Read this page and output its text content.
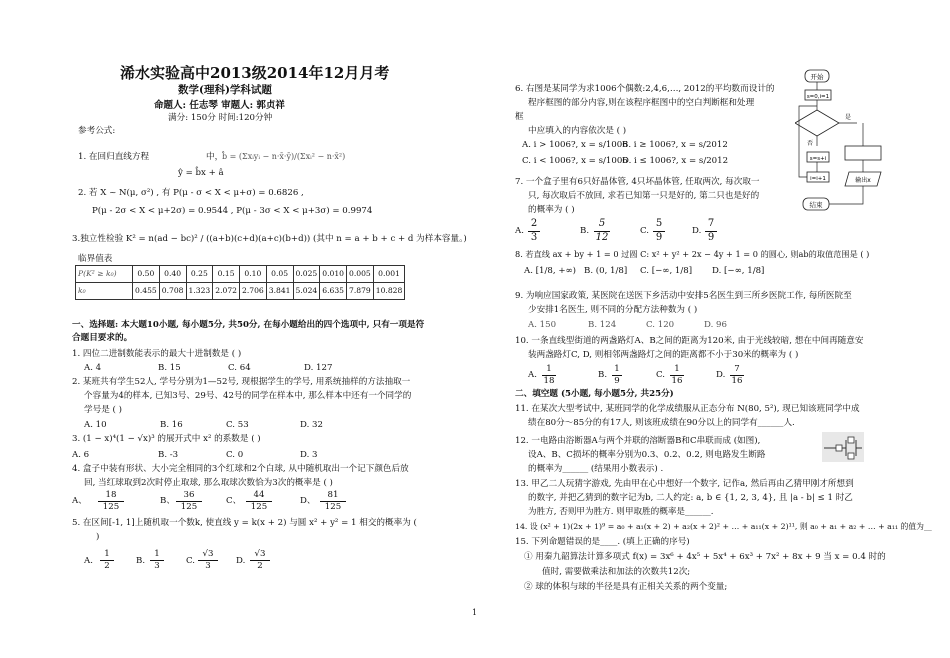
浠水实验高中2013级2014年12月月考
数学(理科)学科试题
命题人: 任志琴 审题人: 郭贞祥
满分: 150分 时间:120分钟
参考公式:
1. 在回归直线方程
ŷ = b̂x + â
中，
b̂ = (Σxᵢyᵢ − n·x̄·ȳ)/(Σxᵢ² − n·x̄²)
2. 若 X ~ N(μ, σ²) , 有 P(μ - σ < X < μ+σ) = 0.6826 ,
P(μ - 2σ < X < μ+2σ) = 0.9544 , P(μ - 3σ < X < μ+3σ) = 0.9974
3.独立性检验 K² = n(ad − bc)² / ((a+b)(c+d)(a+c)(b+d)) (其中 n = a + b + c + d 为样本容量。)
临界值表
P(K² ≥ k₀)	0.50	0.40	0.25	0.15	0.10	0.05	0.025	0.010	0.005	0.001
k₀	0.455	0.708	1.323	2.072	2.706	3.841	5.024	6.635	7.879	10.828
一、选择题: 本大题10小题, 每小题5分, 共50分, 在每小题给出的四个选项中, 只有一项是符
合题目要求的。
1. 四位二进制数能表示的最大十进制数是 ( )
A. 4	B. 15	C. 64	D. 127
2. 某班共有学生52人, 学号分别为1—52号, 现根据学生的学号, 用系统抽样的方法抽取一
个容量为4的样本, 已知3号、29号、42号的同学在样本中, 那么样本中还有一个同学的
学号是 ( )
A. 10	B. 16	C. 53	D. 32
3. (1 − x)⁴(1 − √x)³ 的展开式中 x² 的系数是 ( )
A. 6	B. -3	C. 0	D. 3
4. 盒子中装有形状、大小完全相同的3个红球和2个白球, 从中随机取出一个记下颜色后放
回, 当红球取到2次时停止取球, 那么取球次数恰为3次的概率是 ( )
A、 $\frac{18}{125}$	B、 $\frac{36}{125}$	C、 $\frac{44}{125}$	D、 $\frac{81}{125}$
5. 在区间[-1, 1]上随机取一个数k, 使直线 y = k(x + 2) 与圆 x² + y² = 1 相交的概率为 (
)
A. $\frac{1}{2}$	B. $\frac{1}{3}$	C. $\frac{√3}{3} D$. $\frac{√3}{2}$
6. 右图是某同学为求1006个偶数:2,4,6,…, 2012的平均数而设计的
程序框图的部分内容,则在该程序框图中的空白判断框和处理
框
中应填入的内容依次是 ( )
A. i > 1006?, x = s/1006
B. i ≥ 1006?, x = s/2012
C. i < 1006?, x = s/1006
D. i ≤ 1006?, x = s/2012
7. 一个盒子里有6只好晶体管, 4只坏晶体管, 任取两次, 每次取一
只, 每次取后不放回, 求若已知第一只是好的, 第二只也是好的
的概率为 ( )
A. $\frac{2}{3}$	B. $\frac{5}{12}$	C. $\frac{5}{9}$	D. $\frac{7}{9}$
8. 若直线 ax + by + 1 = 0 过圆 C: x² + y² + 2x − 4y + 1 = 0 的圆心, 则ab的取值范围是 ( )
A. [1/8, +∞) B. (0, 1/8] C. [−∞, 1/8] D. [−∞, 1/8]
9. 为响应国家政策, 某医院在送医下乡活动中安排5名医生到三所乡医院工作, 每所医院至
少安排1名医生, 则不同的分配方法种数为 ( )
A. 150	B. 124	C. 120	D. 96
10. 一条直线型街道的两盏路灯A、B之间的距离为120米, 由于光线较暗, 想在中间再随意安
装两盏路灯C, D, 则相邻两盏路灯之间的距离都不小于30米的概率为 ( )
A. $\frac{1}{18}$	B. $\frac{1}{9}$	C. $\frac{1}{16}$	D. $\frac{7}{16}$
二、填空题 (5小题, 每小题5分, 共25分)
11. 在某次大型考试中, 某班同学的化学成绩服从正态分布 N(80, 5²), 现已知该班同学中成
绩在80分～85分的有17人, 则该班成绩在90分以上的同学有______人.
12. 一电路由浴断器A与两个并联的溶断器B和C串联而成 (如图),
设A、B、C损坏的概率分别为0.3、0.2、0.2, 则电路发生断路
的概率为______ (结果用小数表示) .
13. 甲乙二人玩猜字游戏, 先由甲在心中想好一个数字, 记作a, 然后再由乙猜甲刚才所想到
的数字, 并把乙猜到的数字记为b, 二人约定: a, b ∈ {1, 2, 3, 4}, 且 |a - b| ≤ 1 时乙
为胜方, 否则甲为胜方. 则甲取胜的概率是______.
14. 设 (x² + 1)(2x + 1)⁹ = a₀ + a₁(x + 2) + a₂(x + 2)² + … + a₁₁(x + 2)¹¹, 则 a₀ + a₁ + a₂ + … + a₁₁ 的值为__
15. 下列命题错误的是____. (填上正确的序号)
① 用秦九韶算法计算多项式 f(x) = 3x⁶ + 4x⁵ + 5x⁴ + 6x³ + 7x² + 8x + 9 当 x = 0.4 时的
值时, 需要做乘法和加法的次数共12次;
② 球的体积与球的半径是具有正相关关系的两个变量;
开始
s=0,i=1
是
否
s=s+i
i=i+1	输出x
结束
1
